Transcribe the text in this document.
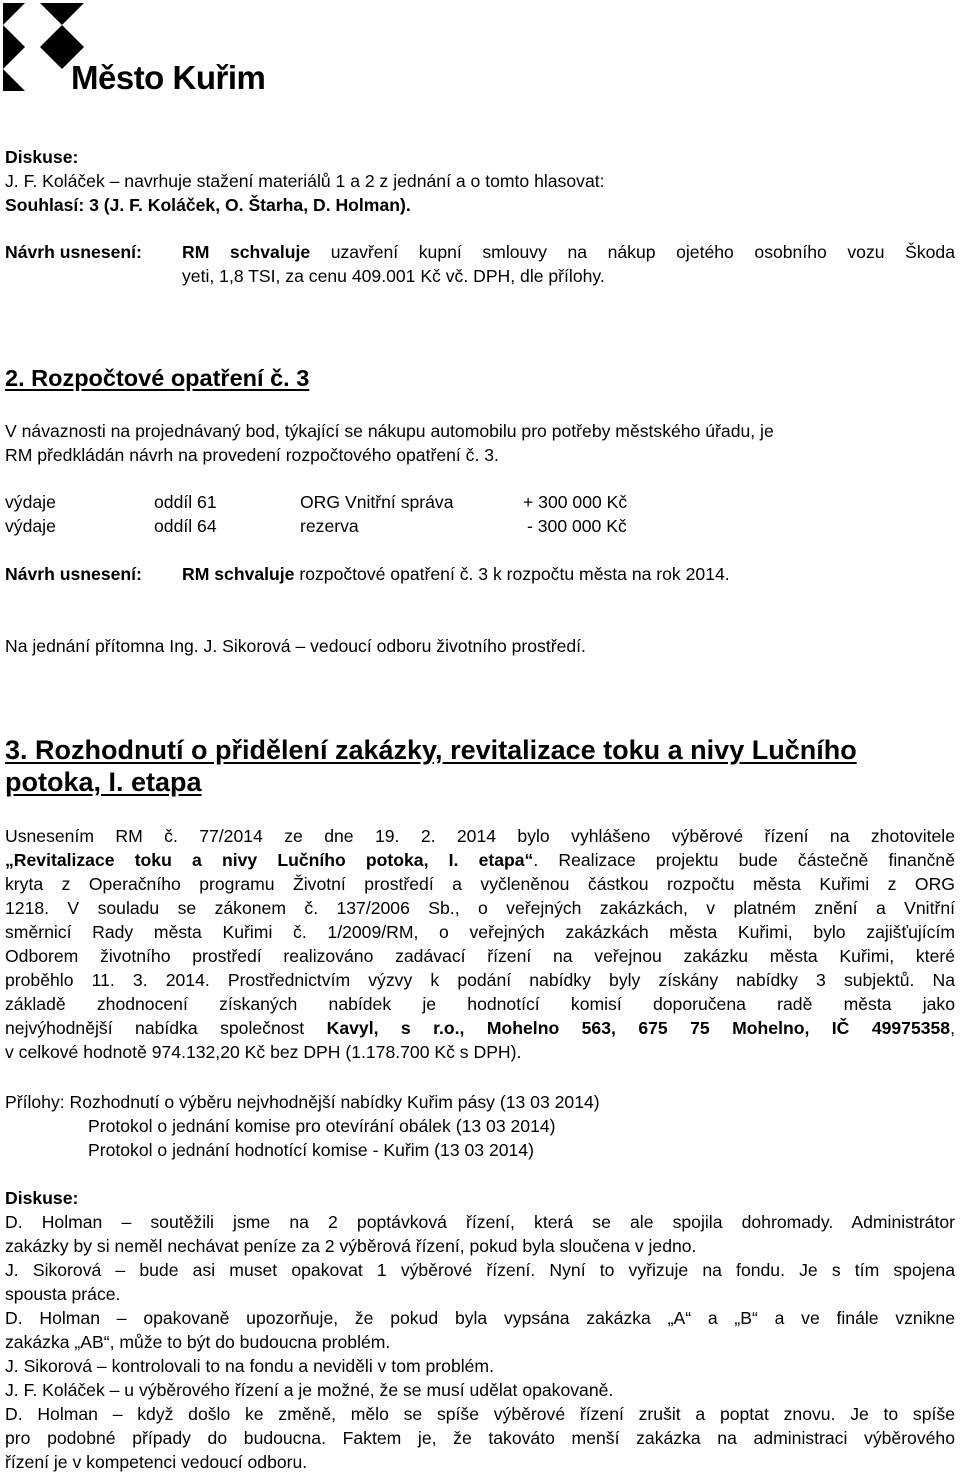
Město Kuřim
Diskuse:
J. F. Koláček – navrhuje stažení materiálů 1 a 2 z jednání a o tomto hlasovat:
Souhlasí: 3 (J. F. Koláček, O. Štarha, D. Holman).
Návrh usnesení: RM schvaluje uzavření kupní smlouvy na nákup ojetého osobního vozu Škoda
yeti, 1,8 TSI, za cenu 409.001 Kč vč. DPH, dle přílohy.
2. Rozpočtové opatření č. 3
V návaznosti na projednávaný bod, týkající se nákupu automobilu pro potřeby městského úřadu, je
RM předkládán návrh na provedení rozpočtového opatření č. 3.
výdaje	oddíl 61	ORG Vnitřní správa	+ 300 000 Kč
výdaje	oddíl 64	rezerva	- 300 000 Kč
Návrh usnesení: RM schvaluje rozpočtové opatření č. 3 k rozpočtu města na rok 2014.
Na jednání přítomna Ing. J. Sikorová – vedoucí odboru životního prostředí.
3. Rozhodnutí o přidělení zakázky, revitalizace toku a nivy Lučního
potoka, I. etapa
Usnesením RM č. 77/2014 ze dne 19. 2. 2014 bylo vyhlášeno výběrové řízení na zhotovitele
„Revitalizace toku a nivy Lučního potoka, I. etapa“. Realizace projektu bude částečně finančně
kryta z Operačního programu Životní prostředí a vyčleněnou částkou rozpočtu města Kuřimi z ORG
1218. V souladu se zákonem č. 137/2006 Sb., o veřejných zakázkách, v platném znění a Vnitřní
směrnicí Rady města Kuřimi č. 1/2009/RM, o veřejných zakázkách města Kuřimi, bylo zajišťujícím
Odborem životního prostředí realizováno zadávací řízení na veřejnou zakázku města Kuřimi, které
proběhlo 11. 3. 2014. Prostřednictvím výzvy k podání nabídky byly získány nabídky 3 subjektů. Na
základě zhodnocení získaných nabídek je hodnotící komisí doporučena radě města jako
nejvýhodnější nabídka společnost Kavyl, s r.o., Mohelno 563, 675 75 Mohelno, IČ 49975358,
v celkové hodnotě 974.132,20 Kč bez DPH (1.178.700 Kč s DPH).
Přílohy: Rozhodnutí o výběru nejvhodnější nabídky Kuřim pásy (13 03 2014)
Protokol o jednání komise pro otevírání obálek (13 03 2014)
Protokol o jednání hodnotící komise - Kuřim (13 03 2014)
Diskuse:
D. Holman – soutěžili jsme na 2 poptávková řízení, která se ale spojila dohromady. Administrátor
zakázky by si neměl nechávat peníze za 2 výběrová řízení, pokud byla sloučena v jedno.
J. Sikorová – bude asi muset opakovat 1 výběrové řízení. Nyní to vyřizuje na fondu. Je s tím spojena
spousta práce.
D. Holman – opakovaně upozorňuje, že pokud byla vypsána zakázka „A“ a „B“ a ve finále vznikne
zakázka „AB“, může to být do budoucna problém.
J. Sikorová – kontrolovali to na fondu a neviděli v tom problém.
J. F. Koláček – u výběrového řízení a je možné, že se musí udělat opakovaně.
D. Holman – když došlo ke změně, mělo se spíše výběrové řízení zrušit a poptat znovu. Je to spíše
pro podobné případy do budoucna. Faktem je, že takováto menší zakázka na administraci výběrového
řízení je v kompetenci vedoucí odboru.
